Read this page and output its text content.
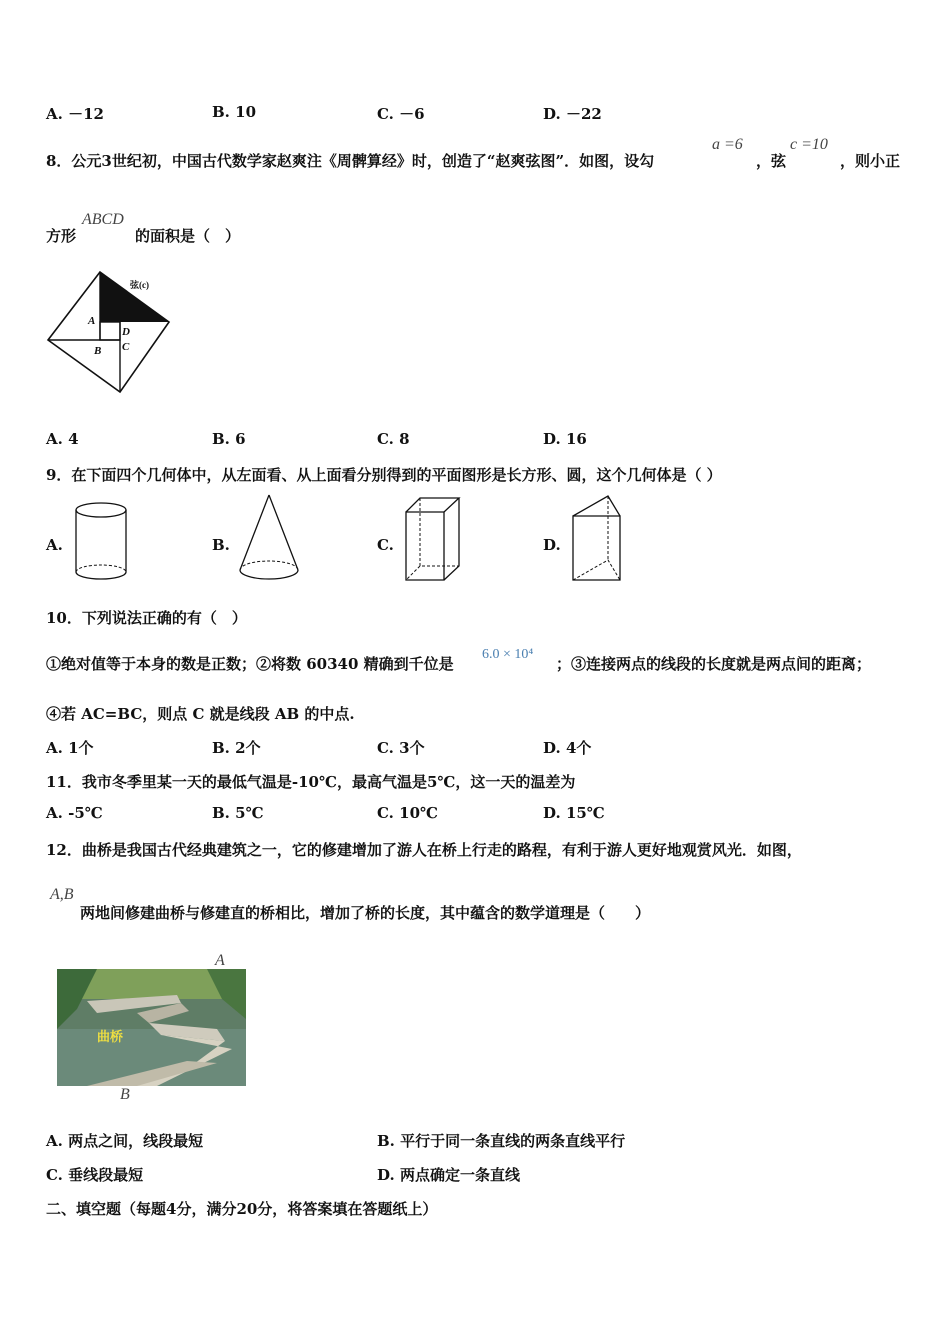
A. －12	B. 10	C. －6	D. －22
8．公元3世纪初，中国古代数学家赵爽注《周髀算经》时，创造了“赵爽弦图”．如图，设勾
a =6
，弦
c =10
，则小正
方形
ABCD
的面积是（　）
弦(c)
A
D
B C
A. 4	B. 6	C. 8	D. 16
9．在下面四个几何体中，从左面看、从上面看分别得到的平面图形是长方形、圆，这个几何体是（ ）
A.	B.	C.	D.
10．下列说法正确的有（　）
①绝对值等于本身的数是正数；②将数 60340 精确到千位是
6.0 × 10⁴
；③连接两点的线段的长度就是两点间的距离；
④若 AC=BC，则点 C 就是线段 AB 的中点.
A. 1个	B. 2个	C. 3个	D. 4个
11．我市冬季里某一天的最低气温是-10℃，最高气温是5℃，这一天的温差为
A. -5℃	B. 5℃	C. 10℃	D. 15℃
12．曲桥是我国古代经典建筑之一，它的修建增加了游人在桥上行走的路程，有利于游人更好地观赏风光．如图，
A,B
两地间修建曲桥与修建直的桥相比，增加了桥的长度，其中蕴含的数学道理是（　　）
A
曲桥
B
A. 两点之间，线段最短	B. 平行于同一条直线的两条直线平行
C. 垂线段最短	D. 两点确定一条直线
二、填空题（每题4分，满分20分，将答案填在答题纸上）
